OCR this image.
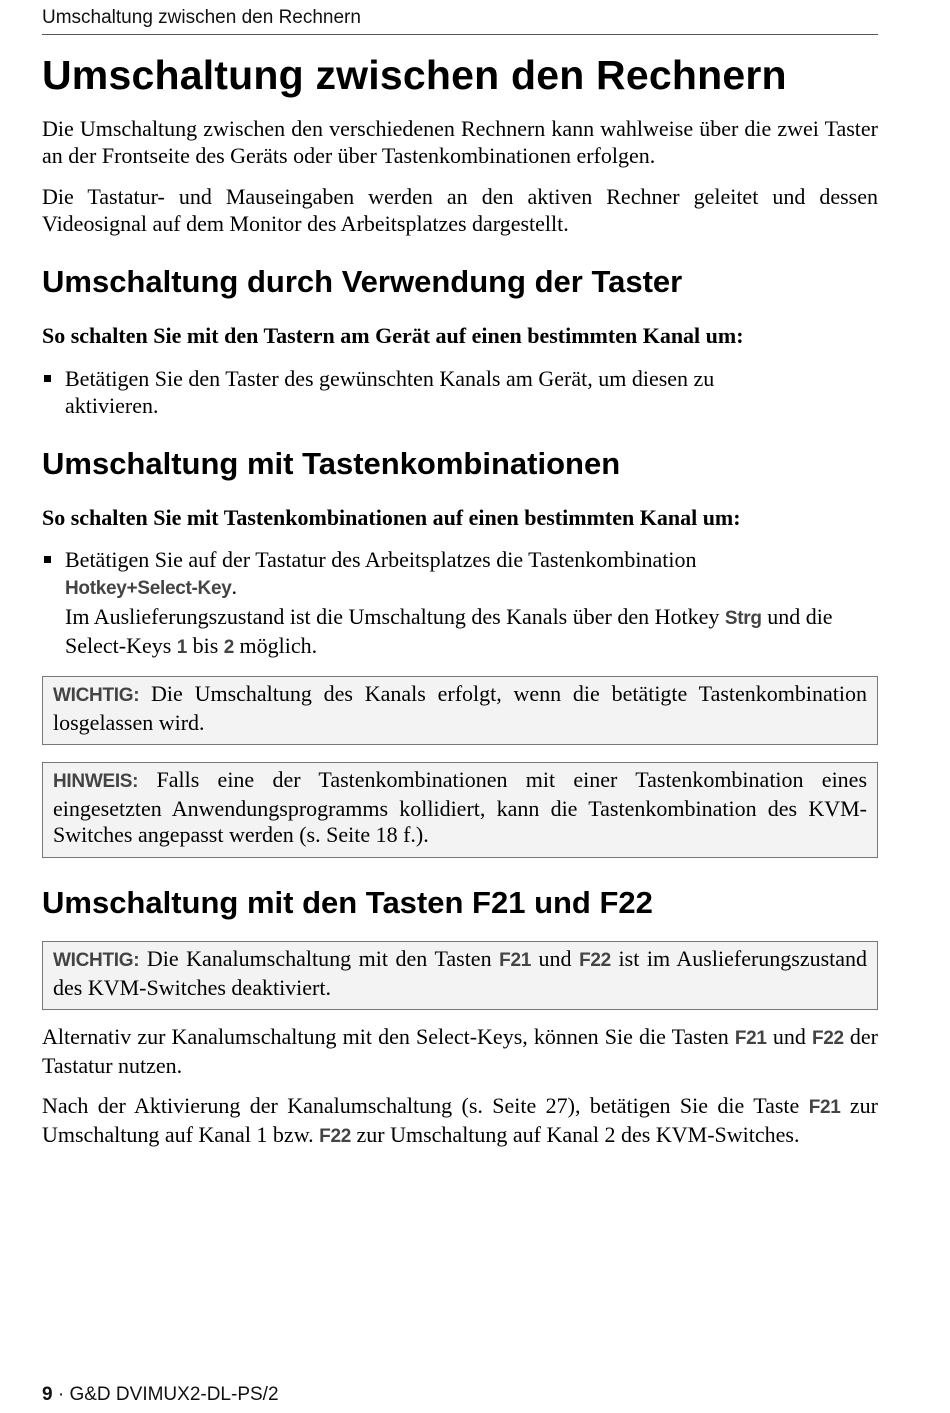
Umschaltung zwischen den Rechnern
Umschaltung zwischen den Rechnern

Die Umschaltung zwischen den verschiedenen Rechnern kann wahlweise über die zwei Taster an der Frontseite des Geräts oder über Tastenkombinationen erfolgen.

Die Tastatur- und Mauseingaben werden an den aktiven Rechner geleitet und dessen Videosignal auf dem Monitor des Arbeitsplatzes dargestellt.

Umschaltung durch Verwendung der Taster
So schalten Sie mit den Tastern am Gerät auf einen bestimmten Kanal um:
Betätigen Sie den Taster des gewünschten Kanals am Gerät, um diesen zu aktivieren.
Umschaltung mit Tastenkombinationen
So schalten Sie mit Tastenkombinationen auf einen bestimmten Kanal um:
Betätigen Sie auf der Tastatur des Arbeitsplatzes die Tastenkombination
Hotkey+Select-Key.
Im Auslieferungszustand ist die Umschaltung des Kanals über den Hotkey Strg und die Select-Keys 1 bis 2 möglich.
WICHTIG: Die Umschaltung des Kanals erfolgt, wenn die betätigte Tastenkombination losgelassen wird.
HINWEIS: Falls eine der Tastenkombinationen mit einer Tastenkombination eines eingesetzten Anwendungsprogramms kollidiert, kann die Tastenkombination des KVM-Switches angepasst werden (s. Seite 18 f.).
Umschaltung mit den Tasten F21 und F22
WICHTIG: Die Kanalumschaltung mit den Tasten F21 und F22 ist im Auslieferungszustand des KVM-Switches deaktiviert.

Alternativ zur Kanalumschaltung mit den Select-Keys, können Sie die Tasten F21 und F22 der Tastatur nutzen.

Nach der Aktivierung der Kanalumschaltung (s. Seite 27), betätigen Sie die Taste F21 zur Umschaltung auf Kanal 1 bzw. F22 zur Umschaltung auf Kanal 2 des KVM-Switches.

9 · G&D DVIMUX2-DL-PS/2
